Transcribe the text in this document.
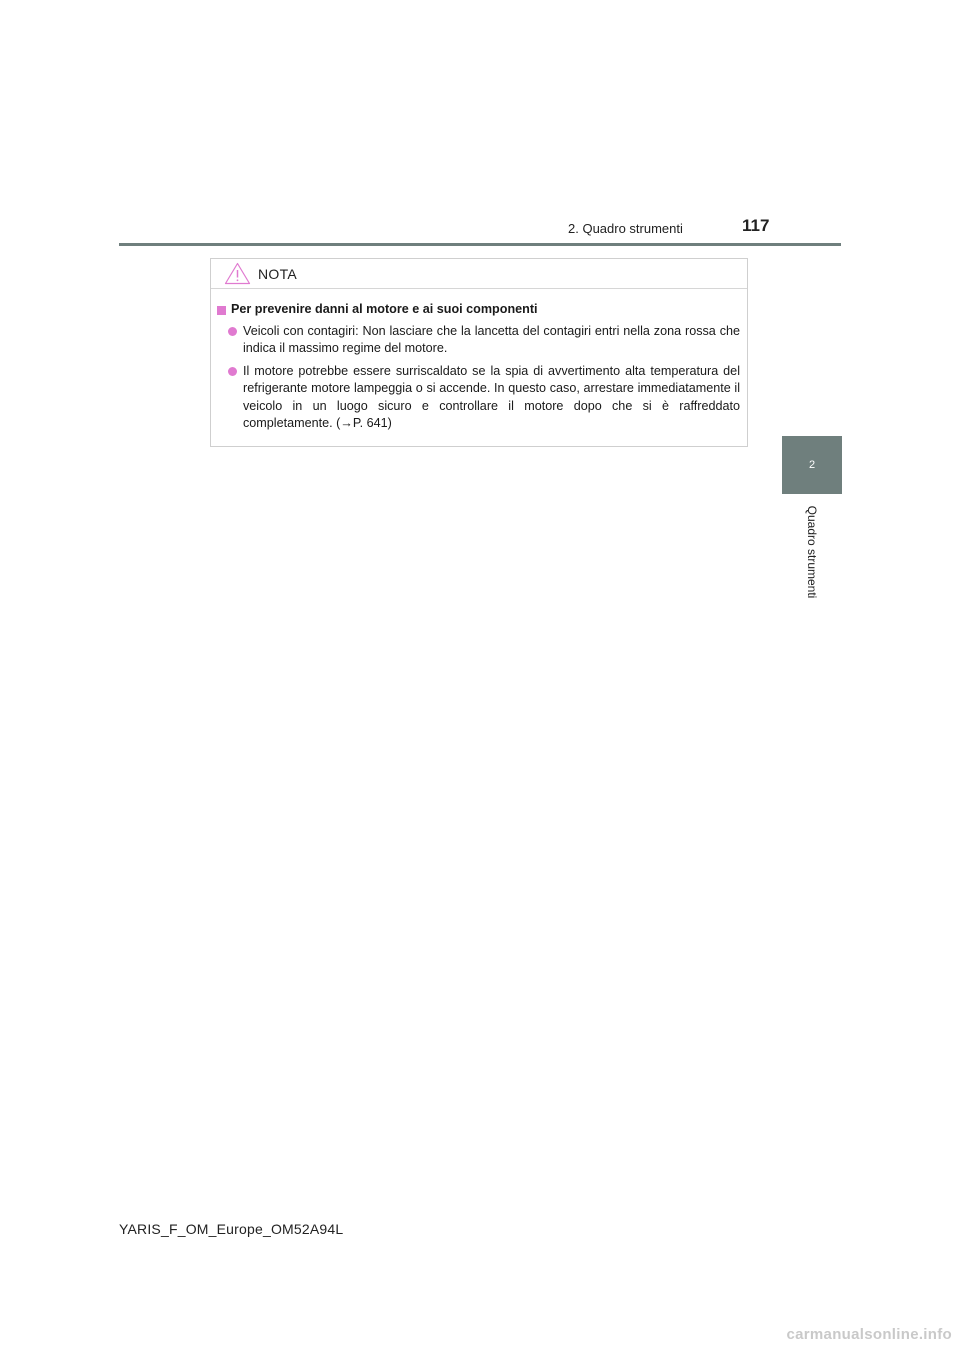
2. Quadro strumenti	117
2
Quadro strumenti
NOTA
Per prevenire danni al motore e ai suoi componenti
Veicoli con contagiri: Non lasciare che la lancetta del contagiri entri nella zona rossa che indica il massimo regime del motore.
Il motore potrebbe essere surriscaldato se la spia di avvertimento alta temperatura del refrigerante motore lampeggia o si accende. In questo caso, arrestare immediatamente il veicolo in un luogo sicuro e controllare il motore dopo che si è raffreddato completamente. (→P. 641)
YARIS_F_OM_Europe_OM52A94L
carmanualsonline.info
